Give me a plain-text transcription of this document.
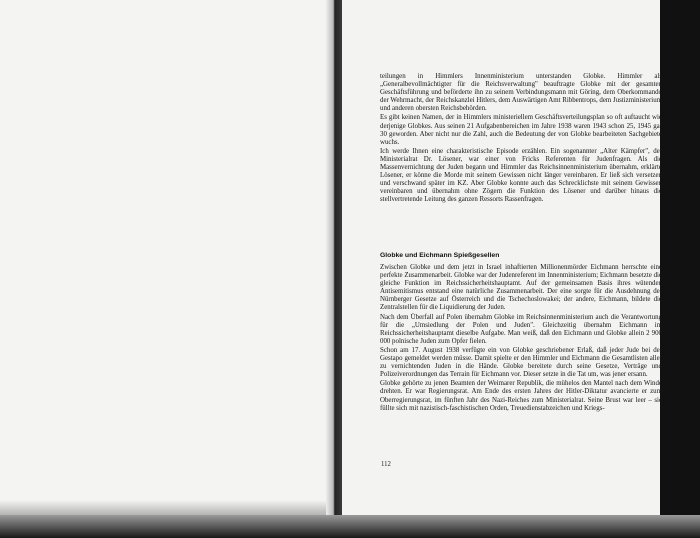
teilungen in Himmlers Innenministerium unterstanden Globke. Himmler als „Generalbevollmächtigter für die Reichsverwaltung" beauftragte Globke mit der gesamten Geschäftsführung und beförderte ihn zu seinem Verbindungsmann mit Göring, dem Oberkommando der Wehrmacht, der Reichskanzlei Hitlers, dem Auswärtigen Amt Ribbentrops, dem Justizministerium und anderen obersten Reichsbehörden.

Es gibt keinen Namen, der in Himmlers ministeriellem Geschäftsverteilungsplan so oft auftaucht wie derjenige Globkes. Aus seinen 21 Aufgabenbereichen im Jahre 1938 waren 1943 schon 25, 1945 gar 30 geworden. Aber nicht nur die Zahl, auch die Bedeutung der von Globke bearbeiteten Sachgebiete wuchs.

Ich werde Ihnen eine charakteristische Episode erzählen. Ein sogenannter „Alter Kämpfer", der Ministerialrat Dr. Lösener, war einer von Fricks Referenten für Judenfragen. Als die Massenvernichtung der Juden begann und Himmler das Reichsinnenministerium übernahm, erklärte Lösener, er könne die Morde mit seinem Gewissen nicht länger vereinbaren. Er ließ sich versetzen und verschwand später im KZ. Aber Globke konnte auch das Schrecklichste mit seinem Gewissen vereinbaren und übernahm ohne Zögern die Funktion des Lösener und darüber hinaus die stellvertretende Leitung des ganzen Ressorts Rassenfragen.

Globke und Eichmann Spießgesellen

Zwischen Globke und dem jetzt in Israel inhaftierten Millionenmörder Eichmann herrschte eine perfekte Zusammenarbeit. Globke war der Judenreferent im Innenministerium; Eichmann besetzte die gleiche Funktion im Reichssicherheitshauptamt. Auf der gemeinsamen Basis ihres wütenden Antisemitismus entstand eine natürliche Zusammenarbeit. Der eine sorgte für die Ausdehnung der Nürnberger Gesetze auf Österreich und die Tschechoslowakei; der andere, Eichmann, bildete die Zentralstellen für die Liquidierung der Juden.

Nach dem Überfall auf Polen übernahm Globke im Reichsinnenministerium auch die Verantwortung für die „Umsiedlung der Polen und Juden". Gleichzeitig übernahm Eichmann im Reichssicherheitshauptamt dieselbe Aufgabe. Man weiß, daß den Eichmann und Globke allein 2 900 000 polnische Juden zum Opfer fielen.

Schon am 17. August 1938 verfügte ein von Globke geschriebener Erlaß, daß jeder Jude bei der Gestapo gemeldet werden müsse. Damit spielte er den Himmler und Eichmann die Gesamtlisten aller zu vernichtenden Juden in die Hände. Globke bereitete durch seine Gesetze, Verträge und Polizeiverordnungen das Terrain für Eichmann vor. Dieser setzte in die Tat um, was jener ersann.

Globke gehörte zu jenen Beamten der Weimarer Republik, die mühelos den Mantel nach dem Winde drehten. Er war Regierungsrat. Am Ende des ersten Jahres der Hitler-Diktatur avancierte er zum Oberregierungsrat, im fünften Jahr des Nazi-Reiches zum Ministerialrat. Seine Brust war leer – sie füllte sich mit nazistisch-faschistischen Orden, Treuedienstabzeichen und Kriegs-

112
